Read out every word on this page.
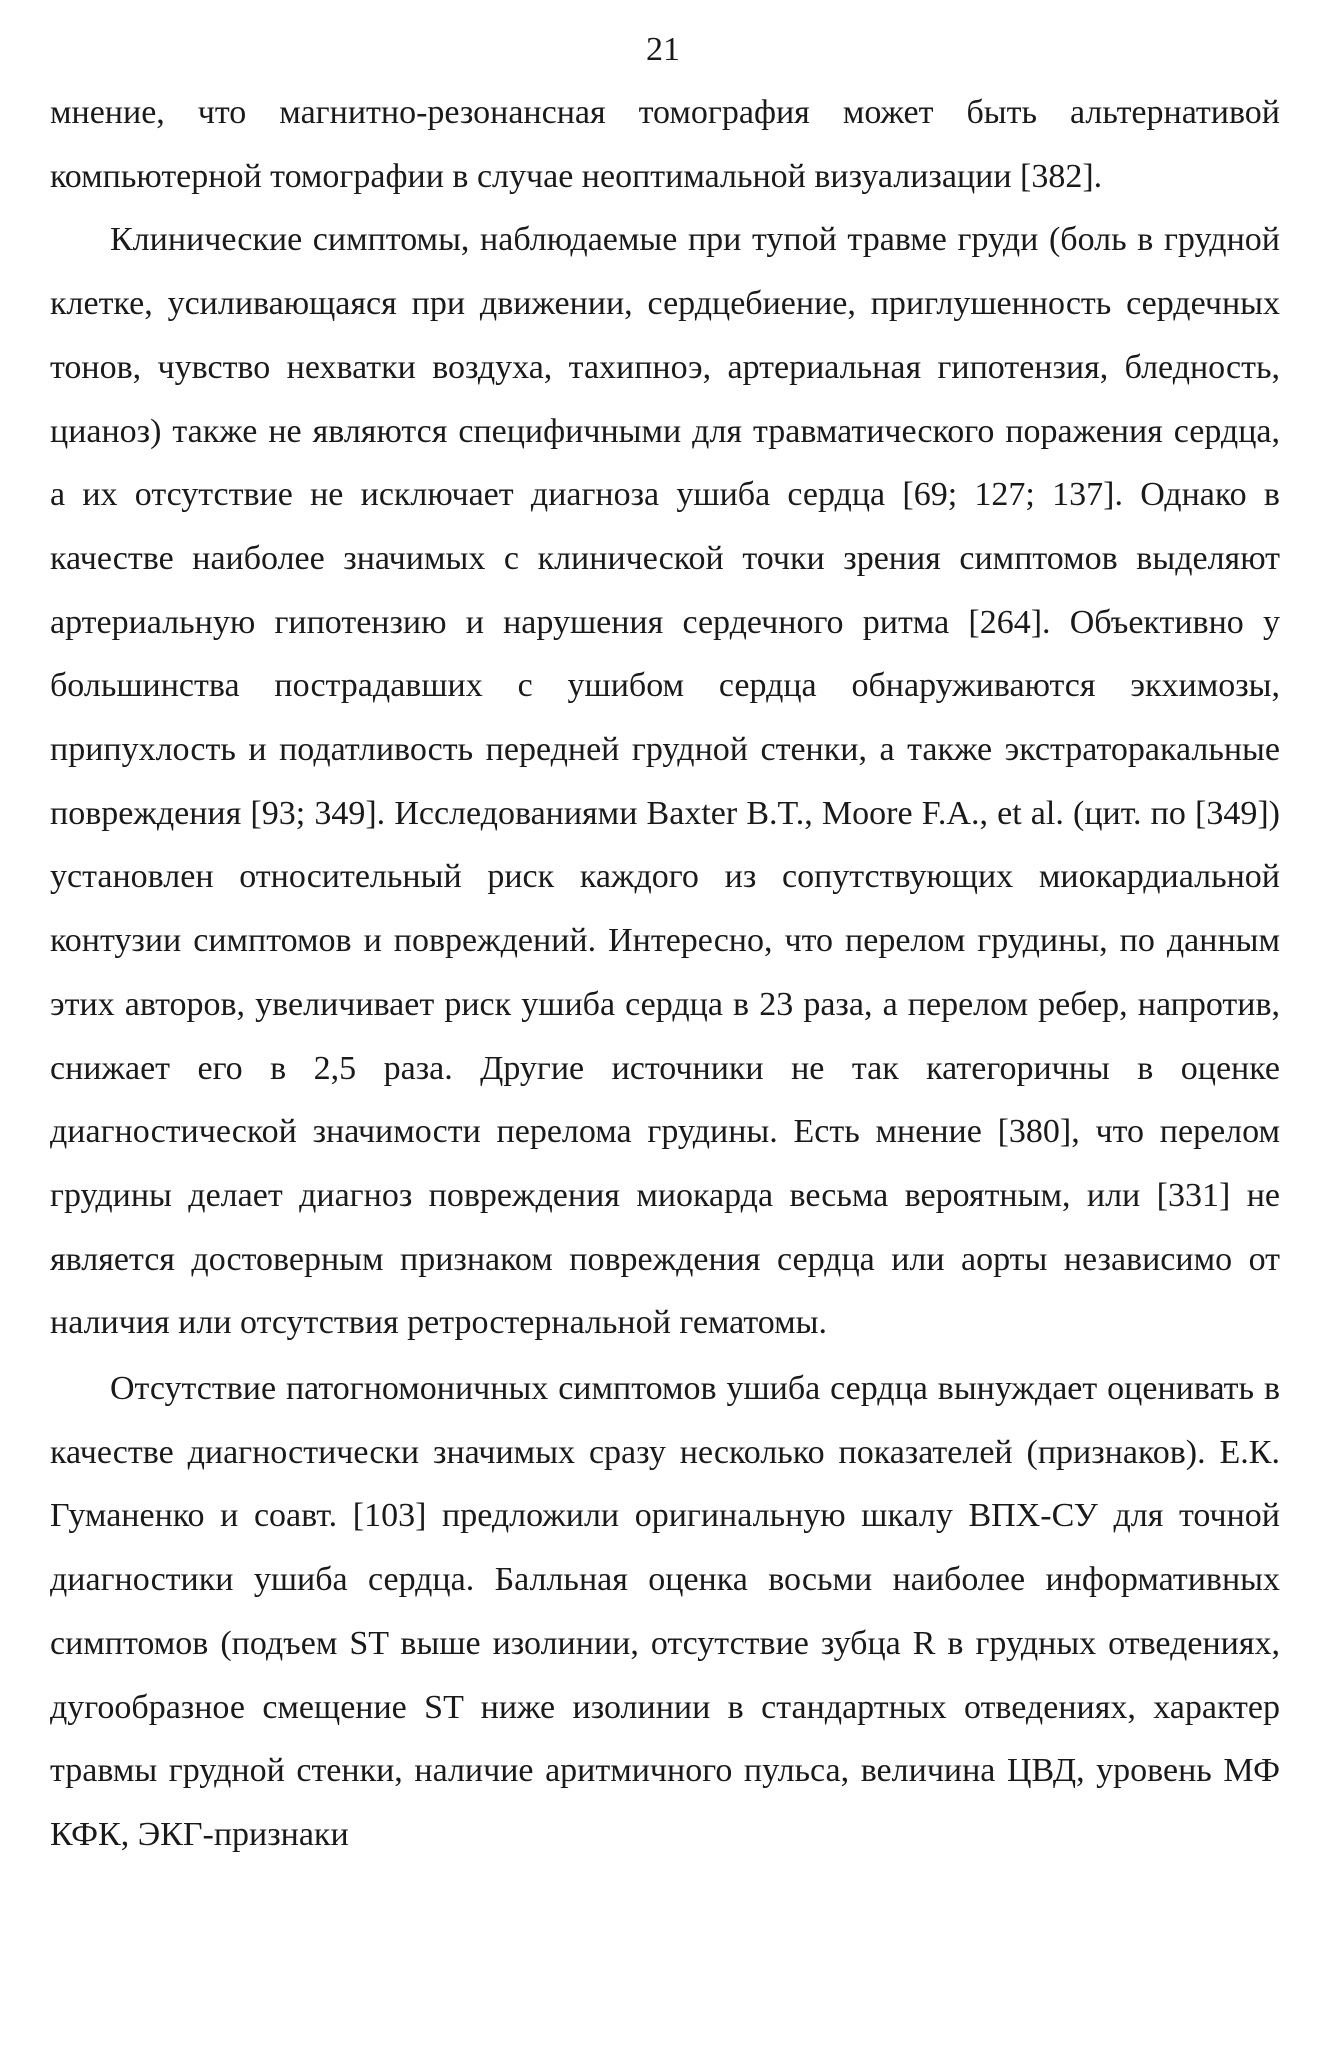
21

мнение, что магнитно-резонансная томография может быть альтернативой компьютерной томографии в случае неоптимальной визуализации [382].

Клинические симптомы, наблюдаемые при тупой травме груди (боль в грудной клетке, усиливающаяся при движении, сердцебиение, приглушенность сердечных тонов, чувство нехватки воздуха, тахипноэ, артериальная гипотензия, бледность, цианоз) также не являются специфичными для травматического поражения сердца, а их отсутствие не исключает диагноза ушиба сердца [69; 127; 137]. Однако в качестве наиболее значимых с клинической точки зрения симптомов выделяют артериальную гипотензию и нарушения сердечного ритма [264]. Объективно у большинства пострадавших с ушибом сердца обнаруживаются экхимозы, припухлость и податливость передней грудной стенки, а также экстраторакальные повреждения [93; 349]. Исследованиями Baxter B.T., Moore F.A., et al. (цит. по [349]) установлен относительный риск каждого из сопутствующих миокардиальной контузии симптомов и повреждений. Интересно, что перелом грудины, по данным этих авторов, увеличивает риск ушиба сердца в 23 раза, а перелом ребер, напротив, снижает его в 2,5 раза. Другие источники не так категоричны в оценке диагностической значимости перелома грудины. Есть мнение [380], что перелом грудины делает диагноз повреждения миокарда весьма вероятным, или [331] не является достоверным признаком повреждения сердца или аорты независимо от наличия или отсутствия ретростернальной гематомы.

Отсутствие патогномоничных симптомов ушиба сердца вынуждает оценивать в качестве диагностически значимых сразу несколько показателей (признаков). Е.К. Гуманенко и соавт. [103] предложили оригинальную шкалу ВПХ-СУ для точной диагностики ушиба сердца. Балльная оценка восьми наиболее информативных симптомов (подъем ST выше изолинии, отсутствие зубца R в грудных отведениях, дугообразное смещение ST ниже изолинии в стандартных отведениях, характер травмы грудной стенки, наличие аритмичного пульса, величина ЦВД, уровень МФ КФК, ЭКГ-признаки
